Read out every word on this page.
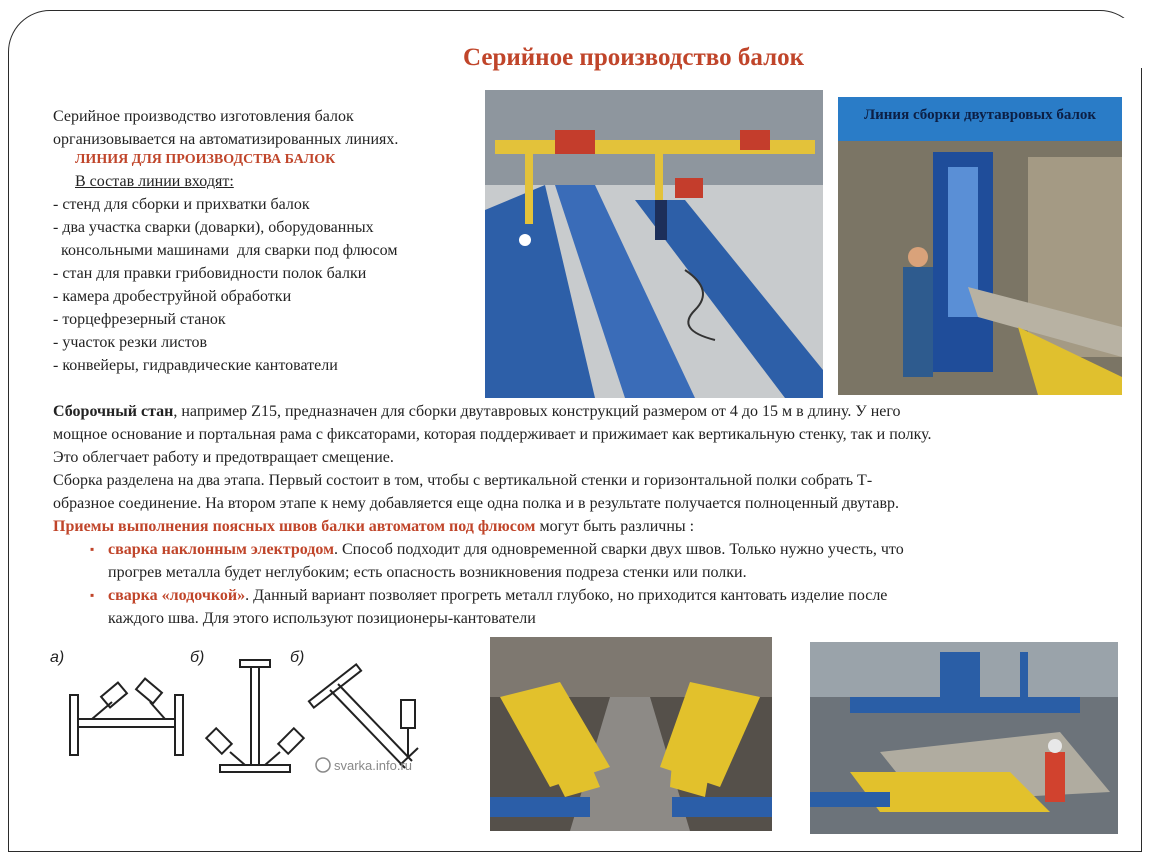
Серийное производство балок
Серийное производство изготовления балок
организовывается на автоматизированных линиях.
ЛИНИЯ ДЛЯ ПРОИЗВОДСТВА БАЛОК
В состав линии входят:
- стенд для сборки и прихватки балок
- два участка сварки (доварки), оборудованных
консольными машинами  для сварки под флюсом
- стан для правки грибовидности полок балки
- камера дробеструйной обработки
- торцефрезерный станок
- участок резки листов
- конвейеры, гидравдические кантователи
Линия сборки двутавровых балок
Сборочный стан, например Z15, предназначен для сборки двутавровых конструкций размером от 4 до 15 м в длину. У него
мощное основание и портальная рама с фиксаторами, которая поддерживает и прижимает как вертикальную стенку, так и полку.
Это облегчает работу и предотвращает смещение.
Сборка разделена на два этапа. Первый состоит в том, чтобы с вертикальной стенки и горизонтальной полки собрать Т-
образное соединение. На втором этапе к нему добавляется еще одна полка и в результате получается полноценный двутавр.
Приемы выполнения поясных швов балки автоматом под флюсом могут быть различны :
▪ сварка наклонным электродом. Способ подходит для одновременной сварки двух швов. Только нужно учесть, что
прогрев металла будет неглубоким; есть опасность возникновения подреза стенки или полки.
▪ сварка «лодочкой». Данный вариант позволяет прогреть металл глубоко, но приходится кантовать изделие после
каждого шва. Для этого используют позиционеры-кантователи
а)	б)	б)
svarka.info.ru
